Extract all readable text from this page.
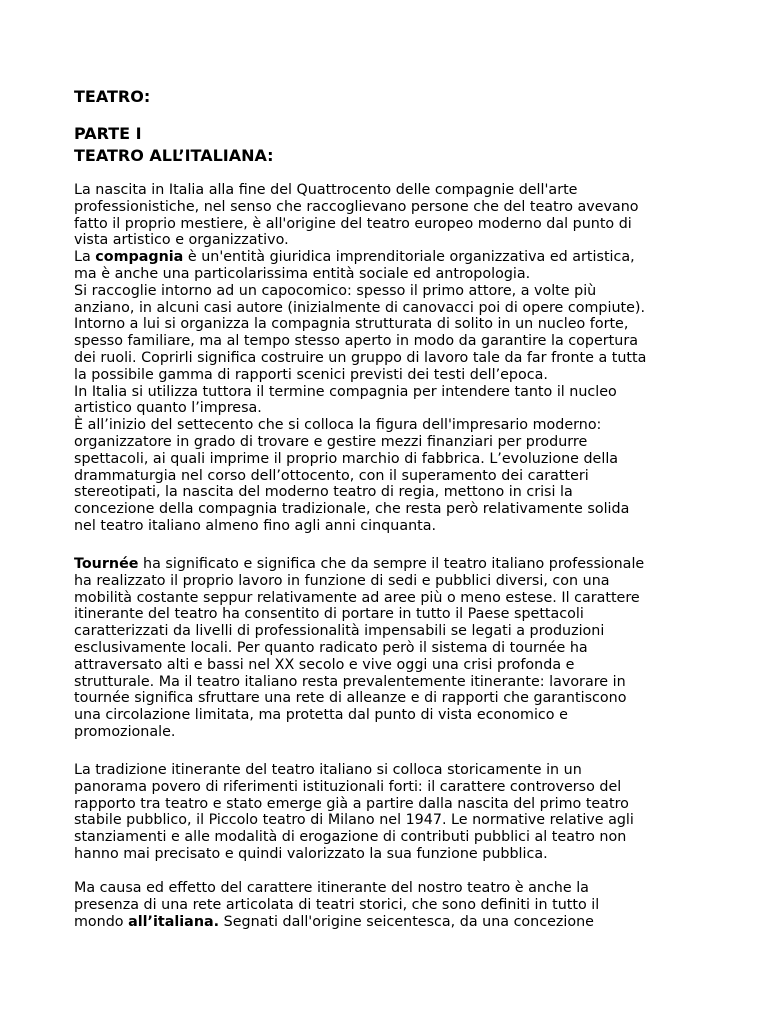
TEATRO:
PARTE I
TEATRO ALL’ITALIANA:
La nascita in Italia alla fine del Quattrocento delle compagnie dell'arte
professionistiche, nel senso che raccoglievano persone che del teatro avevano
fatto il proprio mestiere, è all'origine del teatro europeo moderno dal punto di
vista artistico e organizzativo.
La compagnia è un'entità giuridica imprenditoriale organizzativa ed artistica,
ma è anche una particolarissima entità sociale ed antropologia.
Si raccoglie intorno ad un capocomico: spesso il primo attore, a volte più
anziano, in alcuni casi autore (inizialmente di canovacci poi di opere compiute).
Intorno a lui si organizza la compagnia strutturata di solito in un nucleo forte,
spesso familiare, ma al tempo stesso aperto in modo da garantire la copertura
dei ruoli. Coprirli significa costruire un gruppo di lavoro tale da far fronte a tutta
la possibile gamma di rapporti scenici previsti dei testi dell’epoca.
In Italia si utilizza tuttora il termine compagnia per intendere tanto il nucleo
artistico quanto l’impresa.
È all’inizio del settecento che si colloca la figura dell'impresario moderno:
organizzatore in grado di trovare e gestire mezzi finanziari per produrre
spettacoli, ai quali imprime il proprio marchio di fabbrica. L’evoluzione della
drammaturgia nel corso dell’ottocento, con il superamento dei caratteri
stereotipati, la nascita del moderno teatro di regia, mettono in crisi la
concezione della compagnia tradizionale, che resta però relativamente solida
nel teatro italiano almeno fino agli anni cinquanta.
Tournée ha significato e significa che da sempre il teatro italiano professionale
ha realizzato il proprio lavoro in funzione di sedi e pubblici diversi, con una
mobilità costante seppur relativamente ad aree più o meno estese. Il carattere
itinerante del teatro ha consentito di portare in tutto il Paese spettacoli
caratterizzati da livelli di professionalità impensabili se legati a produzioni
esclusivamente locali. Per quanto radicato però il sistema di tournée ha
attraversato alti e bassi nel XX secolo e vive oggi una crisi profonda e
strutturale. Ma il teatro italiano resta prevalentemente itinerante: lavorare in
tournée significa sfruttare una rete di alleanze e di rapporti che garantiscono
una circolazione limitata, ma protetta dal punto di vista economico e
promozionale.
La tradizione itinerante del teatro italiano si colloca storicamente in un
panorama povero di riferimenti istituzionali forti: il carattere controverso del
rapporto tra teatro e stato emerge già a partire dalla nascita del primo teatro
stabile pubblico, il Piccolo teatro di Milano nel 1947. Le normative relative agli
stanziamenti e alle modalità di erogazione di contributi pubblici al teatro non
hanno mai precisato e quindi valorizzato la sua funzione pubblica.
Ma causa ed effetto del carattere itinerante del nostro teatro è anche la
presenza di una rete articolata di teatri storici, che sono definiti in tutto il
mondo all’italiana. Segnati dall'origine seicentesca, da una concezione
